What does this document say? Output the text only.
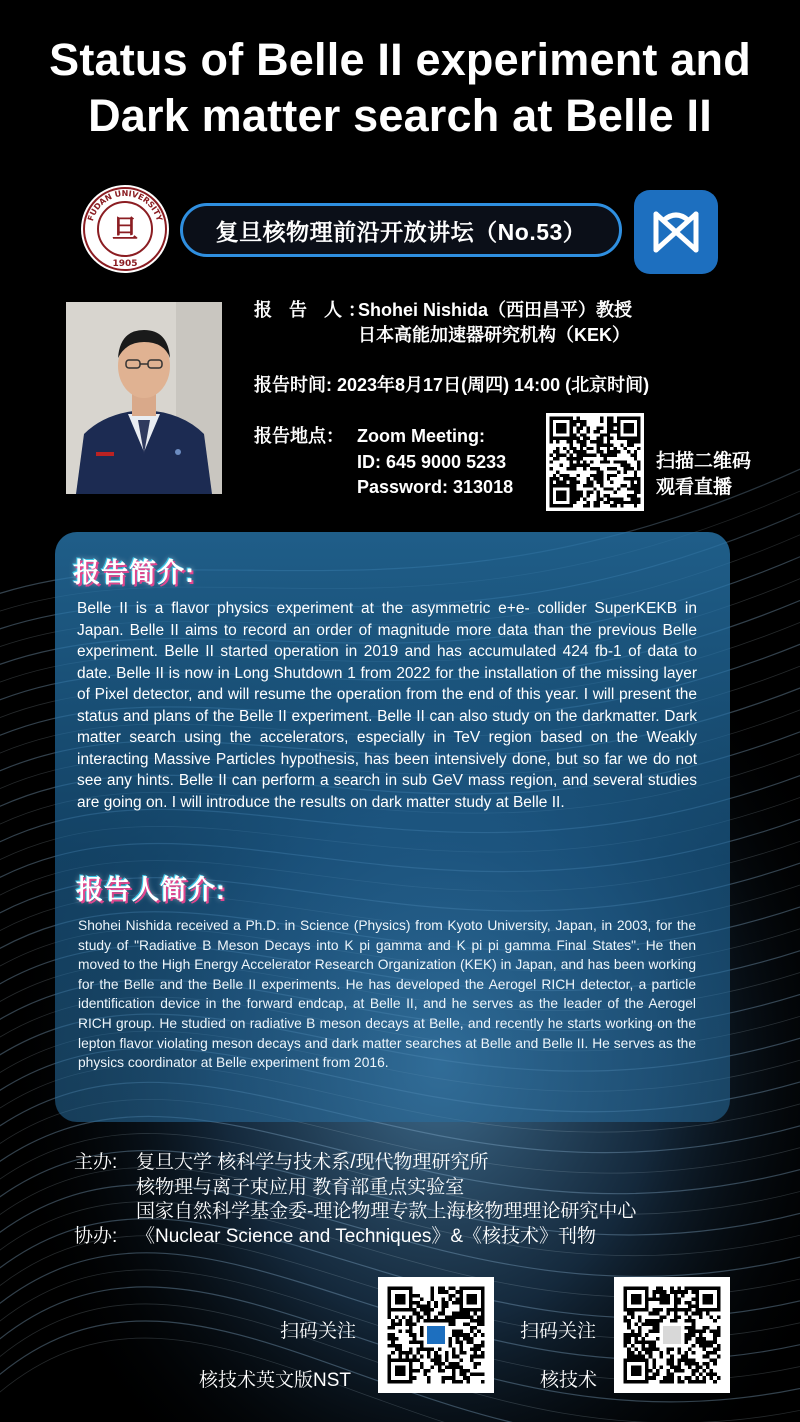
Status of Belle II experiment and
Dark matter search at Belle II
FUDAN UNIVERSITY
旦
1905
复旦核物理前沿开放讲坛（No.53）
报 告 人：
Shohei Nishida（西田昌平）教授
日本高能加速器研究机构（KEK）
报告时间: 2023年8月17日(周四) 14:00 (北京时间)
报告地点： Zoom Meeting:
ID: 645 9000 5233
Password: 313018
扫描二维码
观看直播
报告简介:
Belle II is a flavor physics experiment at the asymmetric e+e- collider SuperKEKB in Japan. Belle II aims to record an order of magnitude more data than the previous Belle experiment. Belle II started operation in 2019 and has accumulated 424 fb-1 of data to date. Belle II is now in Long Shutdown 1 from 2022 for the installation of the missing layer of Pixel detector, and will resume the operation from the end of this year. I will present the status and plans of the Belle II experiment. Belle II can also study on the darkmatter. Dark matter search using the accelerators, especially in TeV region based on the Weakly interacting Massive Particles hypothesis, has been intensively done, but so far we do not see any hints. Belle II can perform a search in sub GeV mass region, and several studies are going on. I will introduce the results on dark matter study at Belle II.
报告人简介:
Shohei Nishida received a Ph.D. in Science (Physics) from Kyoto University, Japan, in 2003, for the study of "Radiative B Meson Decays into K pi gamma and K pi pi gamma Final States". He then moved to the High Energy Accelerator Research Organization (KEK) in Japan, and has been working for the Belle and the Belle II experiments. He has developed the Aerogel RICH detector, a particle identification device in the forward endcap, at Belle II, and he serves as the leader of the Aerogel RICH group. He studied on radiative B meson decays at Belle, and recently he starts working on the lepton flavor violating meson decays and dark matter searches at Belle and Belle II. He serves as the physics coordinator at Belle experiment from 2016.
主办: 复旦大学 核科学与技术系/现代物理研究所
核物理与离子束应用 教育部重点实验室
国家自然科学基金委-理论物理专款上海核物理理论研究中心
协办: 《Nuclear Science and Techniques》&《核技术》刊物
扫码关注
核技术英文版NST
扫码关注
核技术
